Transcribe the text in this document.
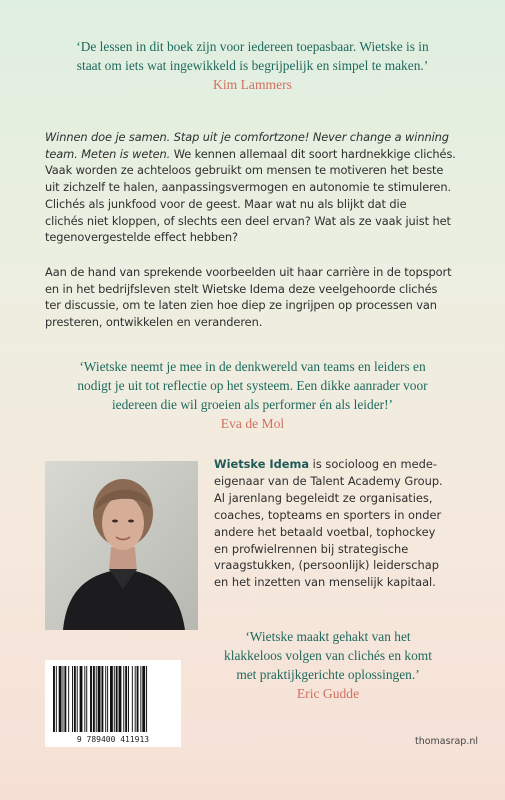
‘De lessen in dit boek zijn voor iedereen toepasbaar. Wietske is in
staat om iets wat ingewikkeld is begrijpelijk en simpel te maken.’
Kim Lammers
Winnen doe je samen. Stap uit je comfortzone! Never change a winning
team. Meten is weten. We kennen allemaal dit soort hardnekkige clichés.
Vaak worden ze achteloos gebruikt om mensen te motiveren het beste
uit zichzelf te halen, aanpassingsvermogen en autonomie te stimuleren.
Clichés als junkfood voor de geest. Maar wat nu als blijkt dat die
clichés niet kloppen, of slechts een deel ervan? Wat als ze vaak juist het
tegenovergestelde effect hebben?
Aan de hand van sprekende voorbeelden uit haar carrière in de topsport
en in het bedrijfsleven stelt Wietske Idema deze veelgehoorde clichés
ter discussie, om te laten zien hoe diep ze ingrijpen op processen van
presteren, ontwikkelen en veranderen.
‘Wietske neemt je mee in de denkwereld van teams en leiders en
nodigt je uit tot reflectie op het systeem. Een dikke aanrader voor
iedereen die wil groeien als performer én als leider!’
Eva de Mol
Wietske Idema is socioloog en mede-
eigenaar van de Talent Academy Group.
Al jarenlang begeleidt ze organisaties,
coaches, topteams en sporters in onder
andere het betaald voetbal, tophockey
en profwielrennen bij strategische
vraagstukken, (persoonlijk) leiderschap
en het inzetten van menselijk kapitaal.
‘Wietske maakt gehakt van het
klakkeloos volgen van clichés en komt
met praktijkgerichte oplossingen.’
Eric Gudde
9 789400 411913	thomasrap.nl
